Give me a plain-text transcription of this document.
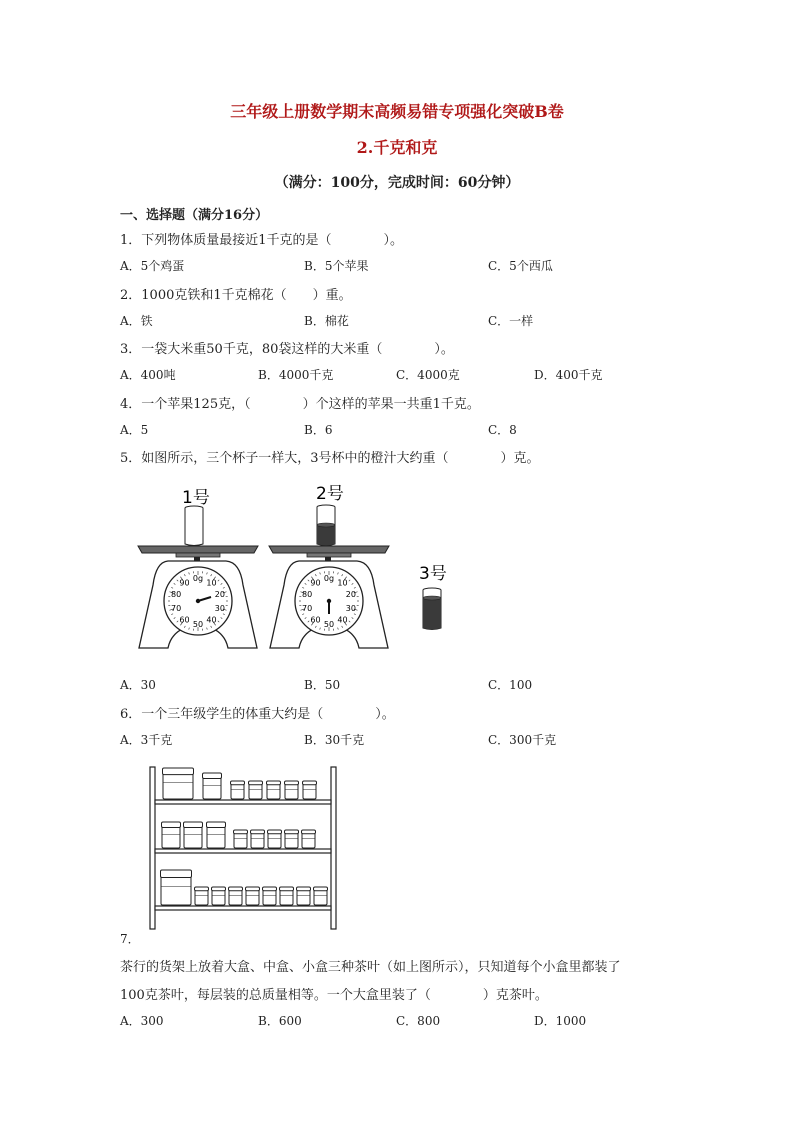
三年级上册数学期末高频易错专项强化突破B卷
2.千克和克
（满分：100分，完成时间：60分钟）
一、选择题（满分16分）
1．下列物体质量最接近1千克的是（　　　　）。
A．5个鸡蛋	B．5个苹果	C．5个西瓜
2．1000克铁和1千克棉花（　　）重。
A．铁	B．棉花	C．一样
3．一袋大米重50千克，80袋这样的大米重（　　　　）。
A．400吨	B．4000千克	C．4000克	D．400千克
4．一个苹果125克，（　　　　）个这样的苹果一共重1千克。
A．5	B．6	C．8
5．如图所示，三个杯子一样大，3号杯中的橙汁大约重（　　　　）克。
1号
0g 10
20
30
40
50
60
70
80
90
2号
0g 10
20
30
40
50
60
70
80
90	3号
A．30	B．50	C．100
6．一个三年级学生的体重大约是（　　　　）。
A．3千克	B．30千克	C．300千克
7．
茶行的货架上放着大盒、中盒、小盒三种茶叶（如上图所示），只知道每个小盒里都装了
100克茶叶，每层装的总质量相等。一个大盒里装了（　　　　）克茶叶。
A．300	B．600	C．800	D．1000
